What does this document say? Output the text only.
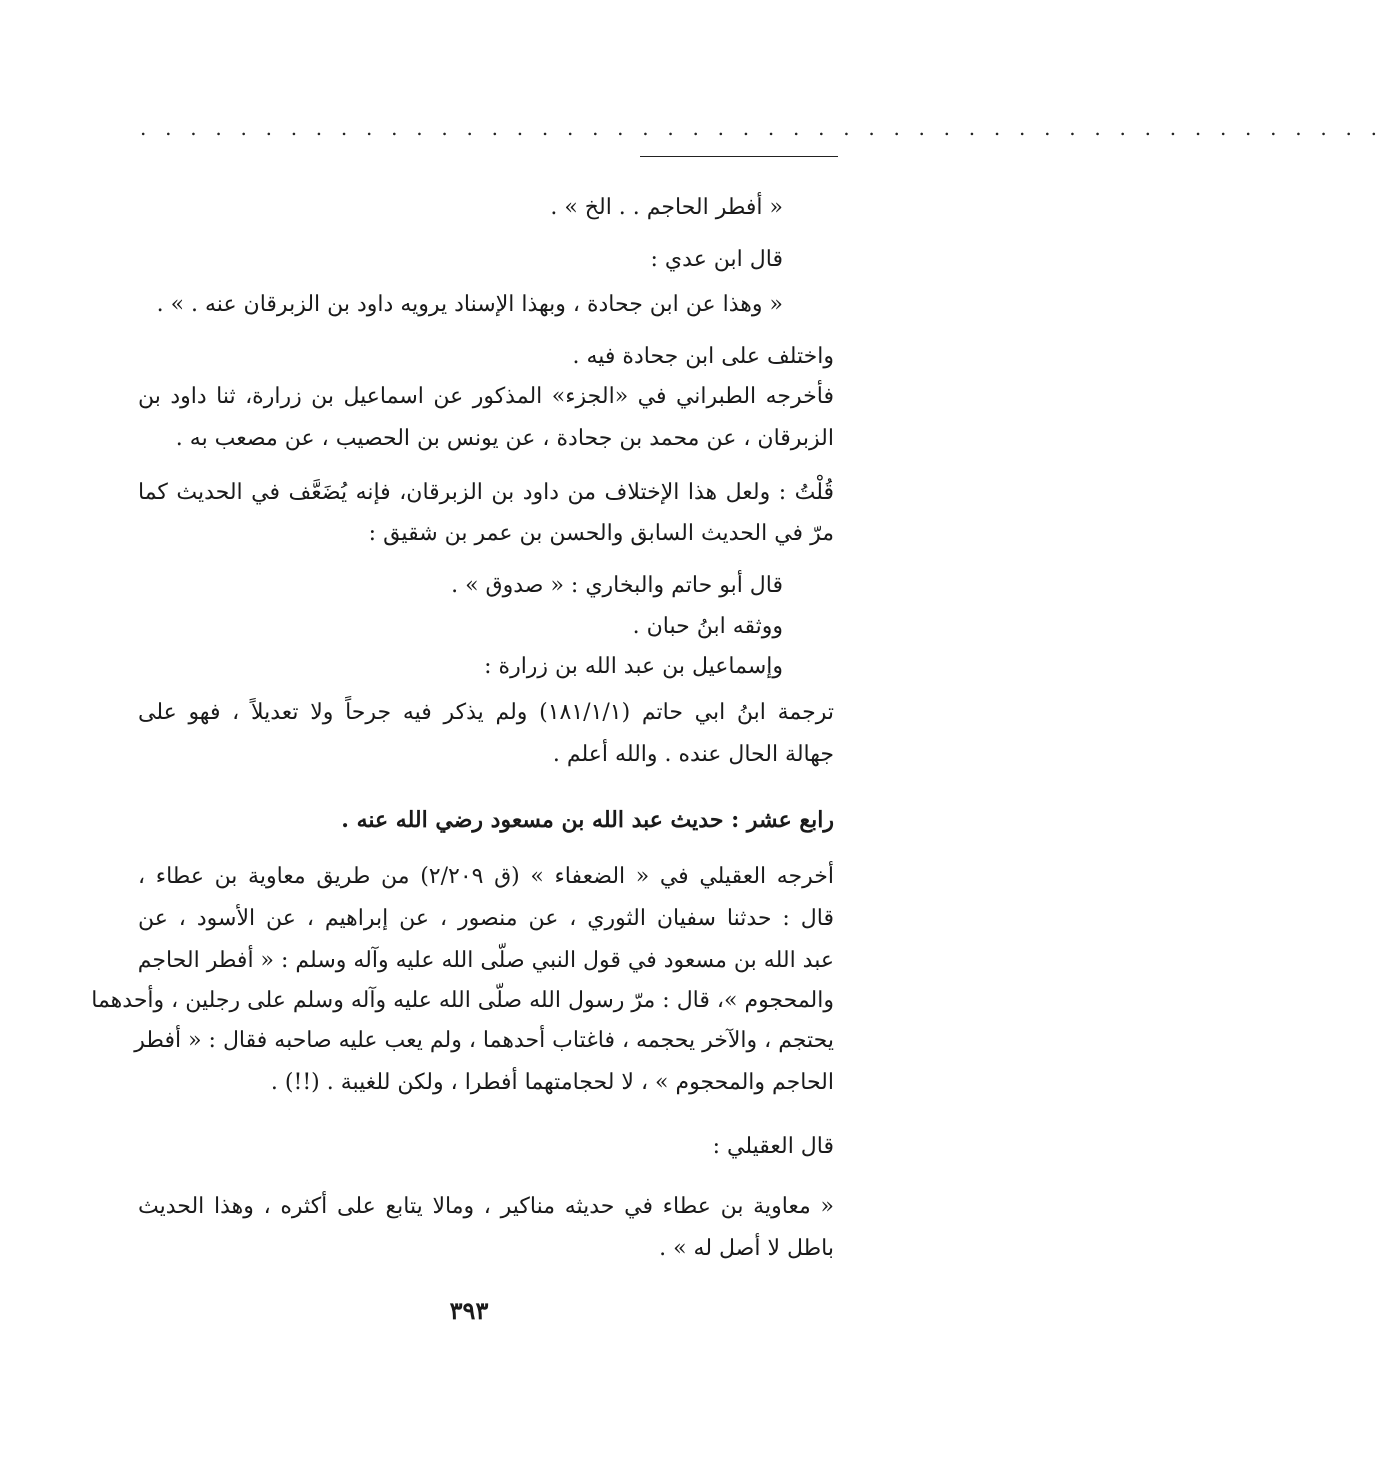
. . . . . . . . . . . . . . . . . . . . . . . . . . . . . . . . . . . . . . . . . . . . . . . . . .
« أفطر الحاجم . . الخ » .
قال ابن عدي :
« وهذا عن ابن جحادة ، وبهذا الإسناد يرويه داود بن الزبرقان عنه . » .
واختلف على ابن جحادة فيه .
فأخرجه الطبراني في «الجزء» المذكور عن اسماعيل بن زرارة، ثنا داود بن
الزبرقان ، عن محمد بن جحادة ، عن يونس بن الحصيب ، عن مصعب به .
قُلْتُ : ولعل هذا الإختلاف من داود بن الزبرقان، فإنه يُضَعَّف في الحديث كما
مرّ في الحديث السابق والحسن بن عمر بن شقيق :
قال أبو حاتم والبخاري : « صدوق » .
ووثقه ابنُ حبان .
وإسماعيل بن عبد الله بن زرارة :
ترجمة ابنُ ابي حاتم (١٨١/١/١) ولم يذكر فيه جرحاً ولا تعديلاً ، فهو على
جهالة الحال عنده . والله أعلم .
رابع عشر : حديث عبد الله بن مسعود رضي الله عنه .
أخرجه العقيلي في « الضعفاء » (ق ٢/٢٠٩) من طريق معاوية بن عطاء ،
قال : حدثنا سفيان الثوري ، عن منصور ، عن إبراهيم ، عن الأسود ، عن
عبد الله بن مسعود في قول النبي صلّى الله عليه وآله وسلم : « أفطر الحاجم
والمحجوم »، قال : مرّ رسول الله صلّى الله عليه وآله وسلم على رجلين ، وأحدهما
يحتجم ، والآخر يحجمه ، فاغتاب أحدهما ، ولم يعب عليه صاحبه فقال : « أفطر
الحاجم والمحجوم » ، لا لحجامتهما أفطرا ، ولكن للغيبة . (!!) .
قال العقيلي :
« معاوية بن عطاء في حديثه مناكير ، ومالا يتابع على أكثره ، وهذا الحديث
باطل لا أصل له » .
٣٩٣
